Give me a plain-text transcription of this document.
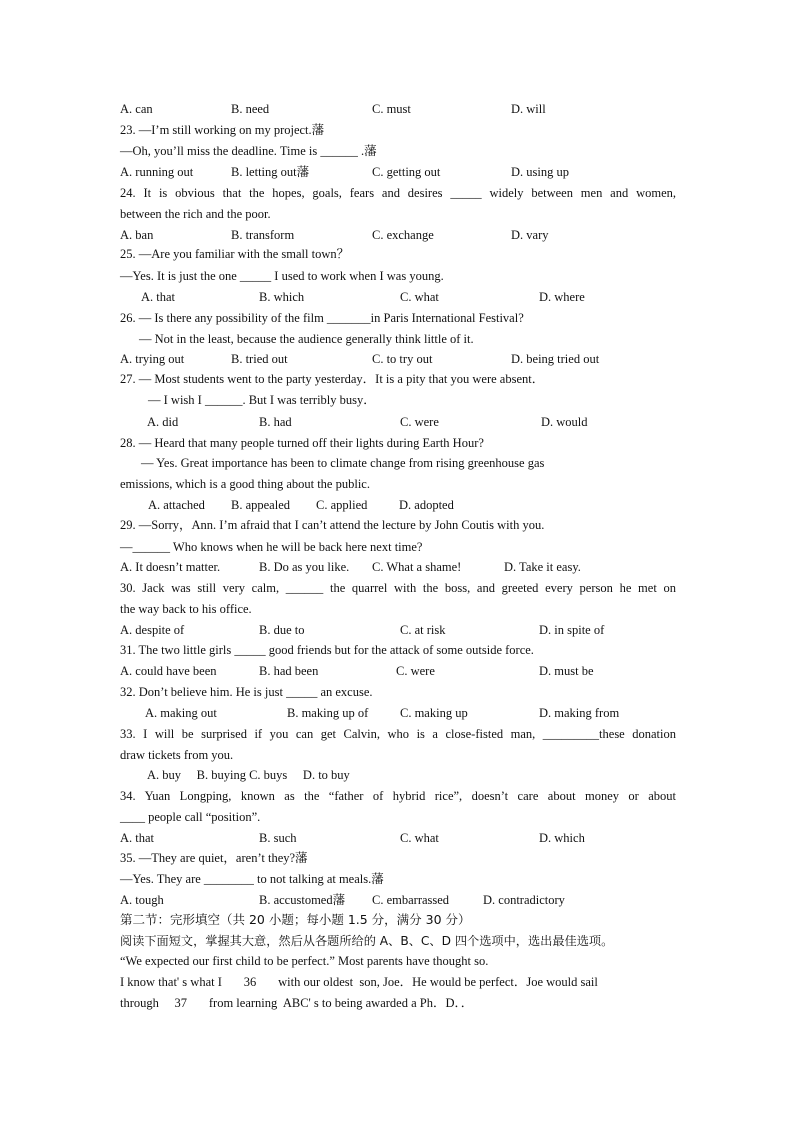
A. can	B. need	C. must	D. will
23. —I’m still working on my project.藩
—Oh, you’ll miss the deadline. Time is ______ .藩
A. running out	B. letting out藩	C. getting out	D. using up
24. It is obvious that the hopes, goals, fears and desires _____ widely between men and women,
between the rich and the poor.
A. ban	B. transform	C. exchange	D. vary
25. —Are you familiar with the small town？
—Yes. It is just the one _____ I used to work when I was young.
A. that	B. which	C. what	D. where
26. — Is there any possibility of the film _______in Paris International Festival?
— Not in the least, because the audience generally think little of it.
A. trying out	B. tried out	C. to try out	D. being tried out
27. — Most students went to the party yesterday．It is a pity that you were absent．
— I wish I ______. But I was terribly busy．
A. did	B. had	C. were	D. would
28. — Heard that many people turned off their lights during Earth Hour?
— Yes. Great importance has been to climate change from rising greenhouse gas
emissions, which is a good thing about the public.
A. attached B. appealed C. applied	D. adopted
29. —Sorry，Ann. I’m afraid that I can’t attend the lecture by John Coutis with you.
—______ Who knows when he will be back here next time?
A. It doesn’t matter.	B. Do as you like. C. What a shame!	D. Take it easy.
30. Jack was still very calm, ______ the quarrel with the boss, and greeted every person he met on
the way back to his office.
A. despite of	B. due to	C. at risk	D. in spite of
31. The two little girls _____ good friends but for the attack of some outside force.
A. could have been	B. had been	C. were	D. must be
32. Don’t believe him. He is just _____ an excuse.
A. making out	B. making up of	C. making up	D. making from
33. I will be surprised if you can get Calvin, who is a close-fisted man, _________these donation
draw tickets from you.
A. buy     B. buying C. buys     D. to buy
34. Yuan Longping, known as the “father of hybrid rice”, doesn’t care about money or about
____ people call “position”.
A. that	B. such	C. what	D. which
35. —They are quiet，aren’t they?藩
—Yes. They are ________ to not talking at meals.藩
A. tough	B. accustomed藩 C. embarrassed	D. contradictory
第二节：完形填空（共 20 小题；每小题 1.5 分，满分 30 分）
阅读下面短文，掌握其大意，然后从各题所给的 A、B、C、D 四个选项中，选出最佳选项。
“We expected our first child to be perfect.” Most parents have thought so.
I know that' s what I       36       with our oldest  son, Joe．He would be perfect．Joe would sail
through     37       from learning  ABC' s to being awarded a Ph．D．．
